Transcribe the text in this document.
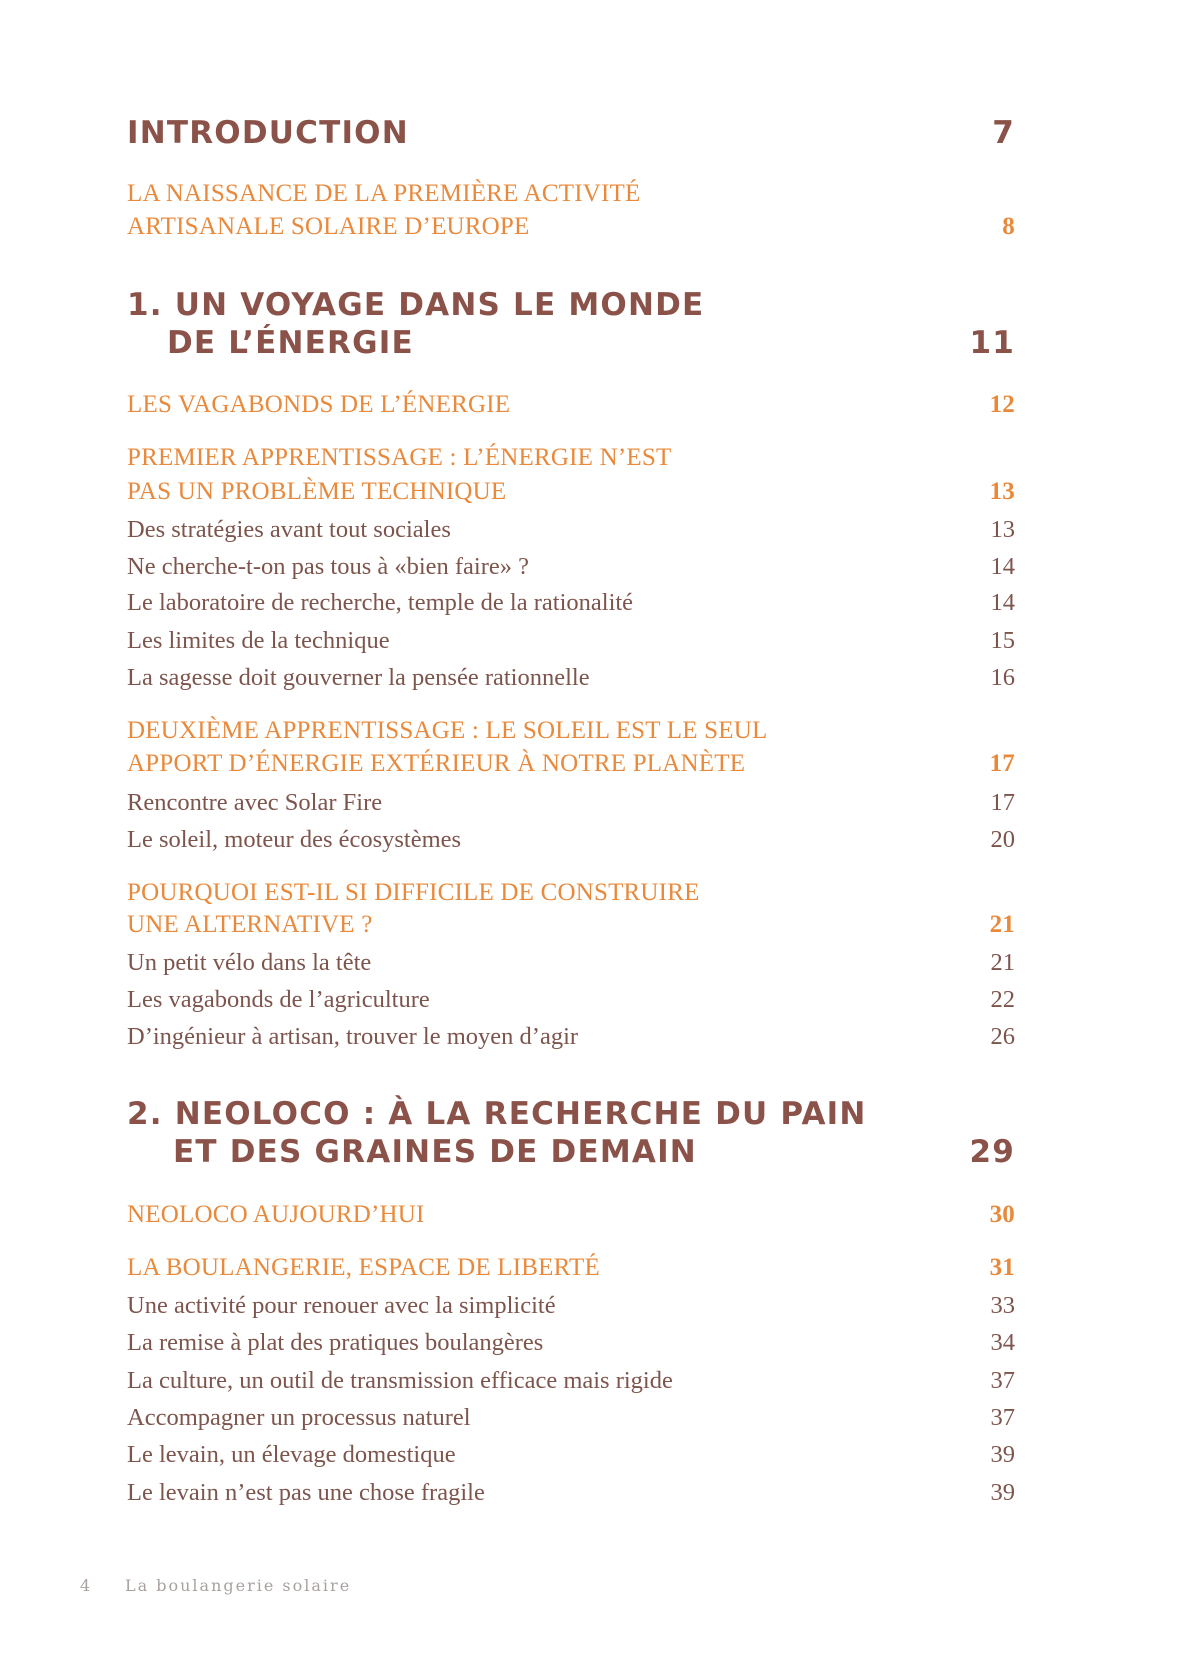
INTRODUCTION	7
LA NAISSANCE DE LA PREMIÈRE ACTIVITÉ
ARTISANALE SOLAIRE D’EUROPE	8
1. UN VOYAGE DANS LE MONDE
DE L’ÉNERGIE	11
LES VAGABONDS DE L’ÉNERGIE	12
PREMIER APPRENTISSAGE : L’ÉNERGIE N’EST
PAS UN PROBLÈME TECHNIQUE	13
Des stratégies avant tout sociales	13
Ne cherche-t-on pas tous à «bien faire» ?	14
Le laboratoire de recherche, temple de la rationalité	14
Les limites de la technique	15
La sagesse doit gouverner la pensée rationnelle	16
DEUXIÈME APPRENTISSAGE : LE SOLEIL EST LE SEUL
APPORT D’ÉNERGIE EXTÉRIEUR À NOTRE PLANÈTE	17
Rencontre avec Solar Fire	17
Le soleil, moteur des écosystèmes	20
POURQUOI EST-IL SI DIFFICILE DE CONSTRUIRE
UNE ALTERNATIVE ?	21
Un petit vélo dans la tête	21
Les vagabonds de l’agriculture	22
D’ingénieur à artisan, trouver le moyen d’agir	26
2. NEOLOCO : À LA RECHERCHE DU PAIN
ET DES GRAINES DE DEMAIN	29
NEOLOCO AUJOURD’HUI	30
LA BOULANGERIE, ESPACE DE LIBERTÉ	31
Une activité pour renouer avec la simplicité	33
La remise à plat des pratiques boulangères	34
La culture, un outil de transmission efficace mais rigide	37
Accompagner un processus naturel	37
Le levain, un élevage domestique	39
Le levain n’est pas une chose fragile	39
4 La boulangerie solaire
